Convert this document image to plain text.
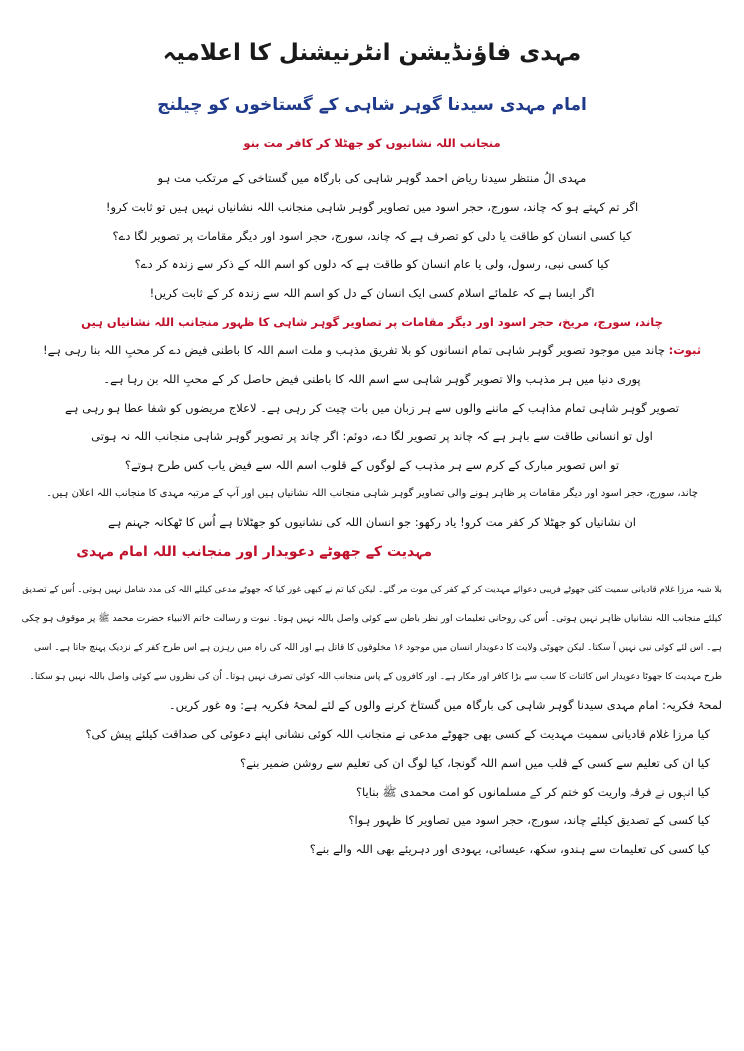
مہدی فاؤنڈیشن انٹرنیشنل کا اعلامیہ
امام مہدی سیدنا گوہر شاہی کے گستاخوں کو چیلنج
منجانب اللہ نشانیوں کو جھٹلا کر کافر مت بنو
مہدی الُ منتظر سیدنا ریاض احمد گوہر شاہی کی بارگاہ میں گستاخی کے مرتکب مت ہو
اگر تم کہتے ہو کہ چاند، سورج، حجر اسود میں تصاویر گوہر شاہی منجانب اللہ نشانیاں نہیں ہیں تو ثابت کرو!
کیا کسی انسان کو طاقت یا دلی کو تصرف ہے کہ چاند، سورج، حجر اسود اور دیگر مقامات پر تصویر لگا دے؟
کیا کسی نبی، رسول، ولی یا عام انسان کو طاقت ہے کہ دلوں کو اسم اللہ کے ذکر سے زندہ کر دے؟
اگر ایسا ہے کہ علمائے اسلام کسی ایک انسان کے دل کو اسم اللہ سے زندہ کر کے ثابت کریں!
چاند، سورج، مریخ، حجر اسود اور دیگر مقامات پر تصاویر گوہر شاہی کا ظہور منجانب اللہ نشانیاں ہیں
ثبوت: چاند میں موجود تصویر گوہر شاہی تمام انسانوں کو بلا تفریق مذہب و ملت اسم اللہ کا باطنی فیض دے کر محبِ اللہ بنا رہی ہے!
پوری دنیا میں ہر مذہب والا تصویر گوہر شاہی سے اسم اللہ کا باطنی فیض حاصل کر کے محبِ اللہ بن رہا ہے۔
تصویر گوہر شاہی تمام مذاہب کے ماننے والوں سے ہر زبان میں بات چیت کر رہی ہے۔ لاعلاج مریضوں کو شفا عطا ہو رہی ہے
اول تو انسانی طاقت سے باہر ہے کہ چاند پر تصویر لگا دے، دوئم: اگر چاند پر تصویر گوہر شاہی منجانب اللہ نہ ہوتی
تو اس تصویر مبارک کے کرم سے ہر مذہب کے لوگوں کے قلوب اسم اللہ سے فیض یاب کس طرح ہوتے؟
چاند، سورج، حجر اسود اور دیگر مقامات پر ظاہر ہونے والی تصاویر گوہر شاہی منجانب اللہ نشانیاں ہیں اور آپ کے مرتبہ مہدی کا منجانب اللہ اعلان ہیں۔
ان نشانیاں کو جھٹلا کر کفر مت کرو! یاد رکھو: جو انسان اللہ کی نشانیوں کو جھٹلاتا ہے اُس کا ٹھکانہ جہنم ہے
مہدیت کے جھوٹے دعویدار اور منجانب اللہ امام مہدی
بلا شبہ مرزا غلام قادیانی سمیت کئی جھوٹے فریبی دعوائے مہدیت کر کے کفر کی موت مر گئے۔ لیکن کیا تم نے کبھی غور کیا کہ جھوٹے مدعی کیلئے اللہ کی مدد شامل نہیں ہوتی۔ اُس کے تصدیق
کیلئے منجانب اللہ نشانیاں ظاہر نہیں ہوتی۔ اُس کی روحانی تعلیمات اور نظر باطن سے کوئی واصل باللہ نہیں ہوتا۔ نبوت و رسالت خاتم الانبیاء حضرت محمد ﷺ پر موقوف ہو چکی
ہے۔ اس لئے کوئی نبی نہیں آ سکتا۔ لیکن جھوٹی ولایت کا دعویدار انسان میں موجود ۱۶ مخلوقوں کا قاتل ہے اور اللہ کی راہ میں رہزن ہے اس طرح کفر کے نزدیک پہنچ جاتا ہے۔ اسی
طرح مہدیت کا جھوٹا دعویدار اس کائنات کا سب سے بڑا کافر اور مکار ہے۔ اور کافروں کے پاس منجانب اللہ کوئی تصرف نہیں ہوتا۔ اُن کی نظروں سے کوئی واصل باللہ نہیں ہو سکتا۔
لمحۂ فکریہ: امام مہدی سیدنا گوہر شاہی کی بارگاہ میں گستاخ کرنے والوں کے لئے لمحۂ فکریہ ہے: وہ غور کریں۔
کیا مرزا غلام قادیانی سمیت مہدیت کے کسی بھی جھوٹے مدعی نے منجانب اللہ کوئی نشانی اپنے دعوئی کی صداقت کیلئے پیش کی؟
کیا ان کی تعلیم سے کسی کے قلب میں اسم اللہ گونجا، کیا لوگ ان کی تعلیم سے روشن ضمیر بنے؟
کیا انہوں نے فرقہ واریت کو ختم کر کے مسلمانوں کو امت محمدی ﷺ بنایا؟
کیا کسی کے تصدیق کیلئے چاند، سورج، حجر اسود میں تصاویر کا ظہور ہوا؟
کیا کسی کی تعلیمات سے ہندو، سکھ، عیسائی، یہودی اور دہریئے بھی اللہ والے بنے؟
